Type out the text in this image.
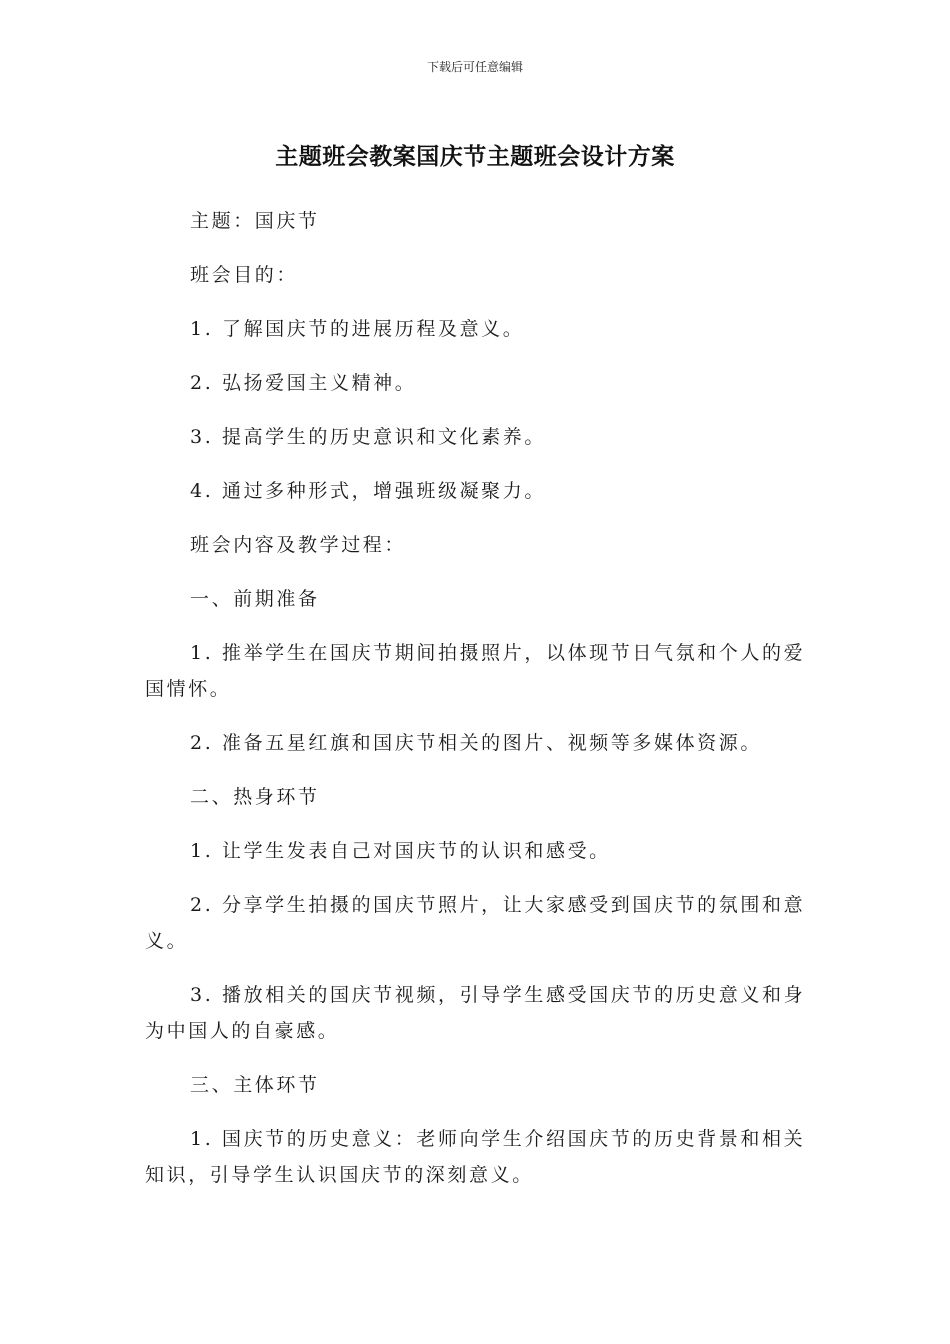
下载后可任意编辑
主题班会教案国庆节主题班会设计方案

主题：国庆节

班会目的：

1. 了解国庆节的进展历程及意义。

2. 弘扬爱国主义精神。

3. 提高学生的历史意识和文化素养。

4. 通过多种形式，增强班级凝聚力。

班会内容及教学过程：

一、前期准备

1. 推举学生在国庆节期间拍摄照片，以体现节日气氛和个人的爱国情怀。

2. 准备五星红旗和国庆节相关的图片、视频等多媒体资源。

二、热身环节

1. 让学生发表自己对国庆节的认识和感受。

2. 分享学生拍摄的国庆节照片，让大家感受到国庆节的氛围和意义。

3. 播放相关的国庆节视频，引导学生感受国庆节的历史意义和身为中国人的自豪感。

三、主体环节

1. 国庆节的历史意义：老师向学生介绍国庆节的历史背景和相关知识，引导学生认识国庆节的深刻意义。
